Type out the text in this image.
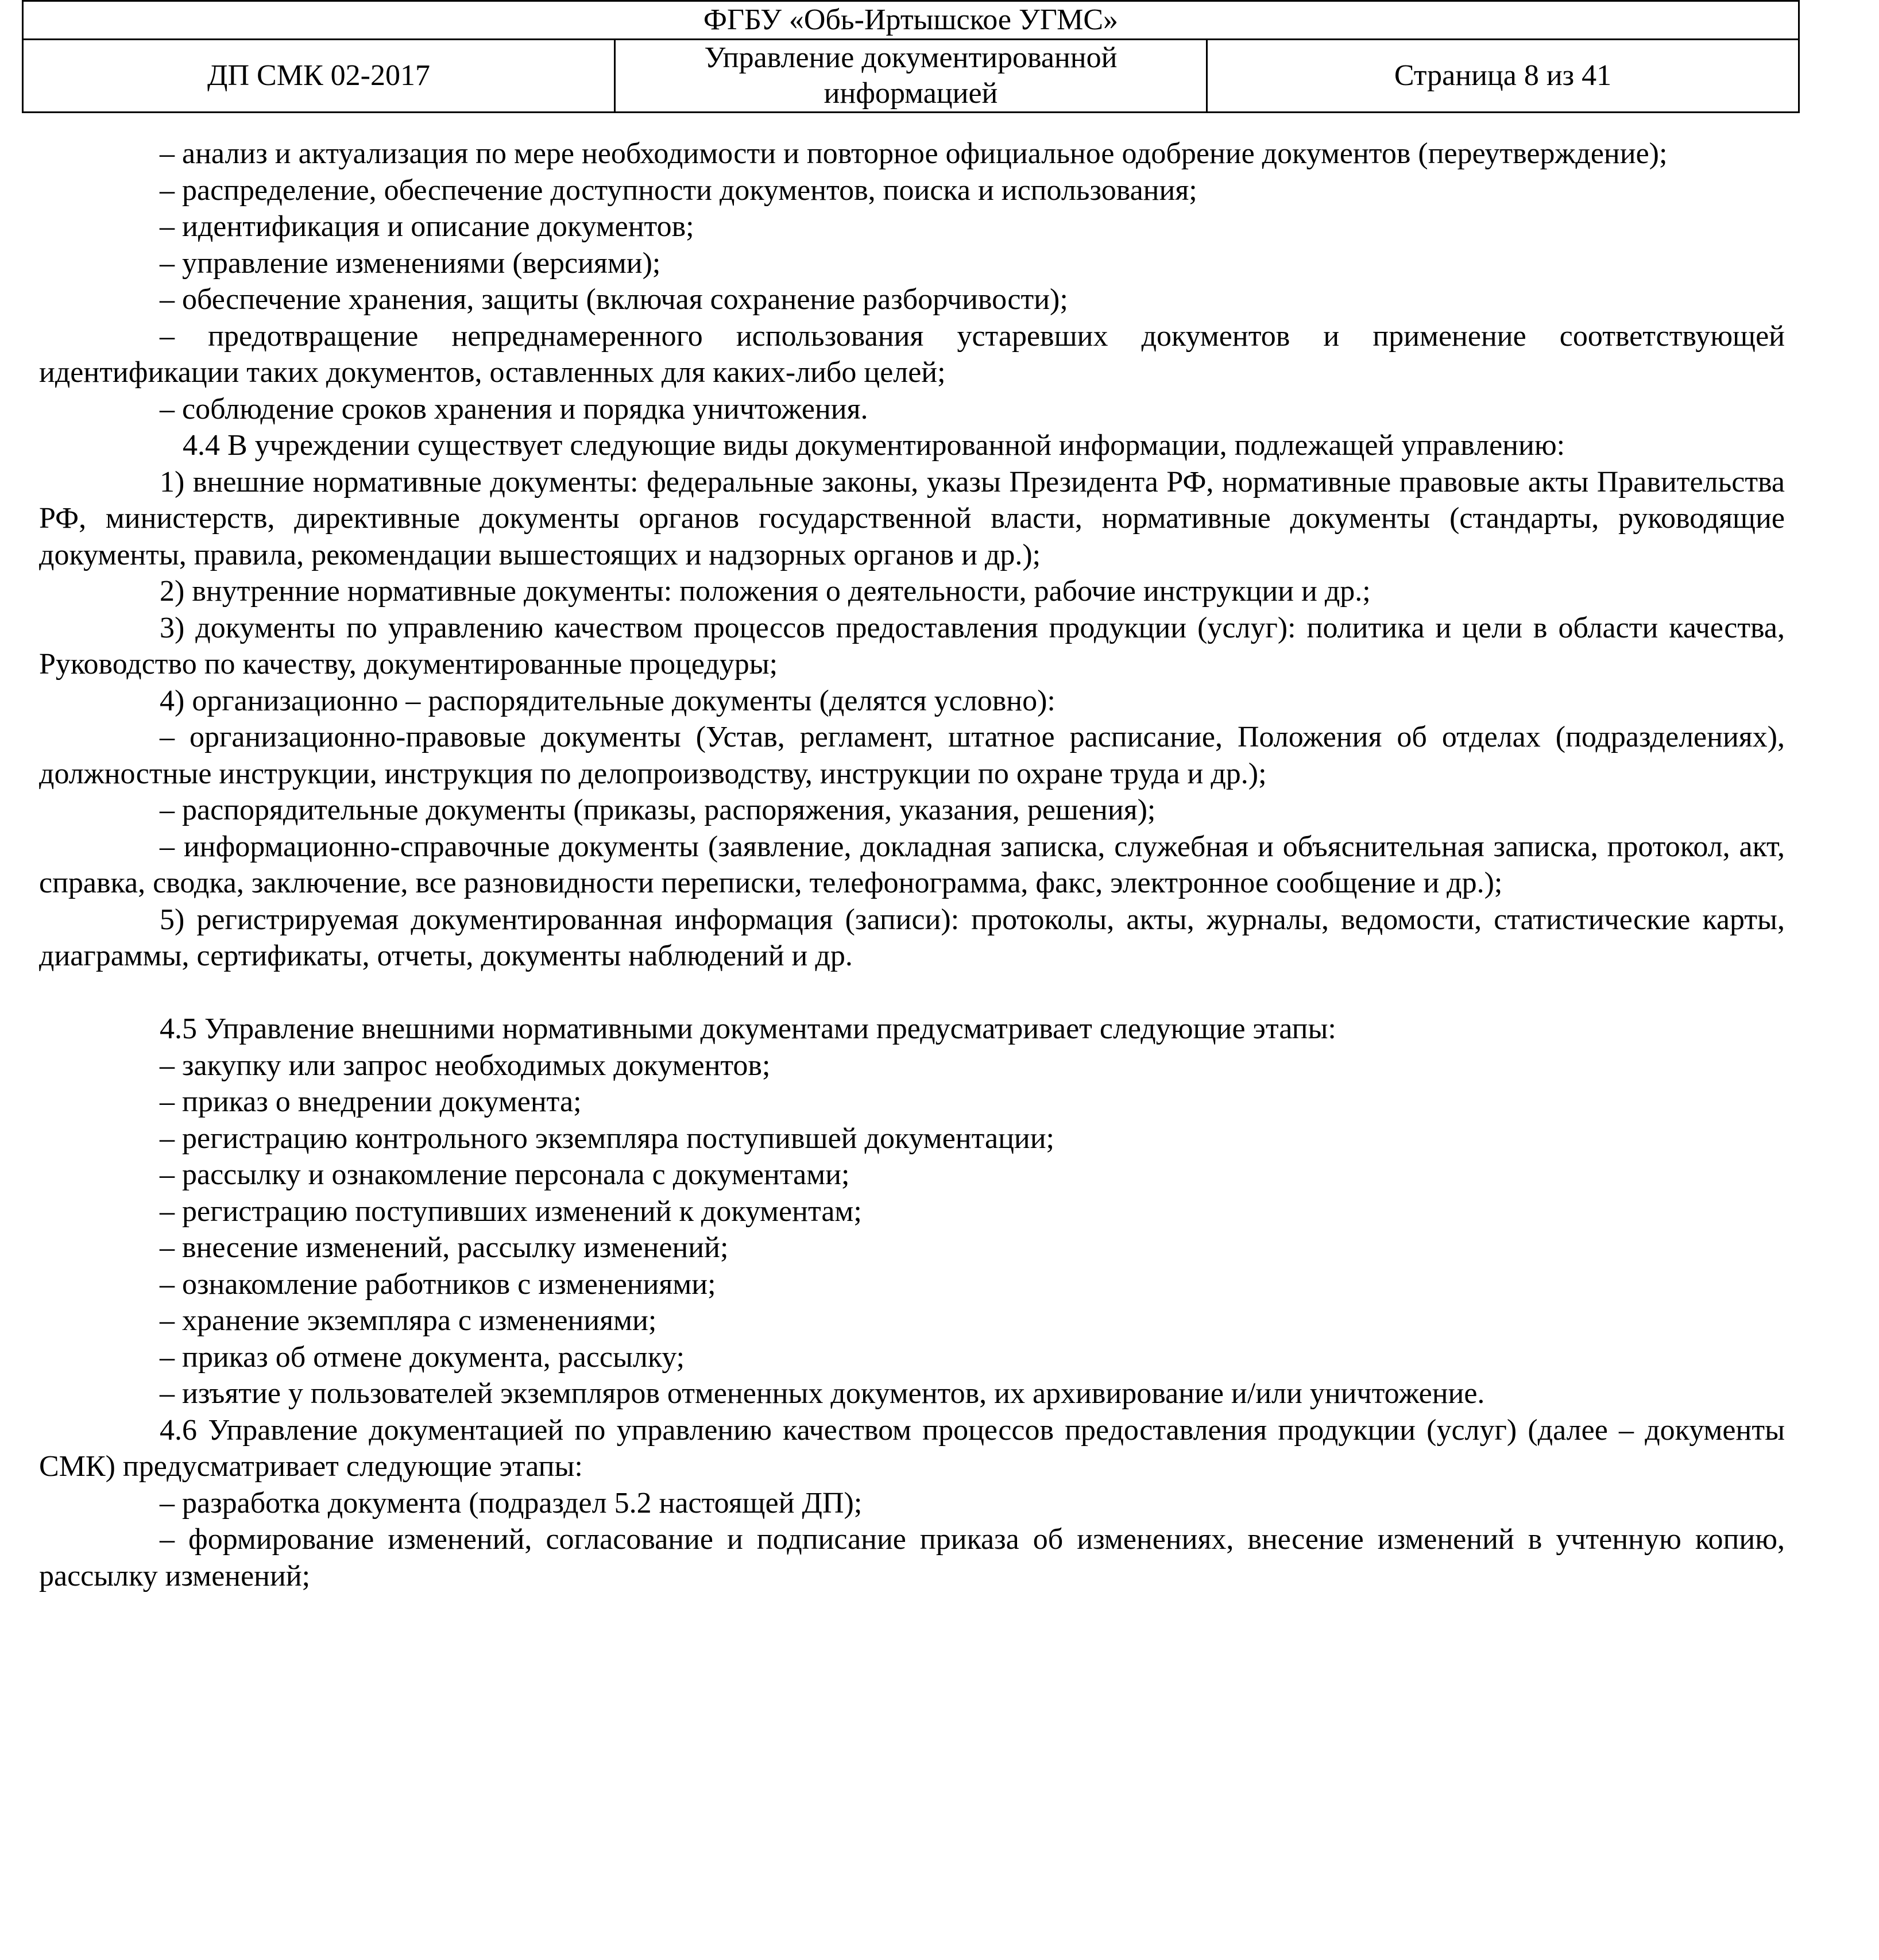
ФГБУ «Обь-Иртышское УГМС»
ДП СМК 02-2017	Управление документированной информацией	Страница 8 из 41

– анализ и актуализация по мере необходимости и повторное официальное одобрение документов (переутверждение);

– распределение, обеспечение доступности документов, поиска и использования;

– идентификация и описание документов;

– управление изменениями (версиями);

– обеспечение хранения, защиты (включая сохранение разборчивости);

– предотвращение непреднамеренного использования устаревших документов и применение соответствующей идентификации таких документов, оставленных для каких-либо целей;

– соблюдение сроков хранения и порядка уничтожения.

4.4 В учреждении существует следующие виды документированной информации, подлежащей управлению:

1) внешние нормативные документы: федеральные законы, указы Президента РФ, нормативные правовые акты Правительства РФ, министерств, директивные документы органов государственной власти, нормативные документы (стандарты, руководящие документы, правила, рекомендации вышестоящих и надзорных органов и др.);

2) внутренние нормативные документы: положения о деятельности, рабочие инструкции и др.;

3) документы по управлению качеством процессов предоставления продукции (услуг): политика и цели в области качества, Руководство по качеству, документированные процедуры;

4) организационно – распорядительные документы (делятся условно):

– организационно-правовые документы (Устав, регламент, штатное расписание, Положения об отделах (подразделениях), должностные инструкции, инструкция по делопроизводству, инструкции по охране труда и др.);

– распорядительные документы (приказы, распоряжения, указания, решения);

– информационно-справочные документы (заявление, докладная записка, служебная и объяснительная записка, протокол, акт, справка, сводка, заключение, все разновидности переписки, телефонограмма, факс, электронное сообщение и др.);

5) регистрируемая документированная информация (записи): протоколы, акты, журналы, ведомости, статистические карты, диаграммы, сертификаты, отчеты, документы наблюдений и др.

4.5 Управление внешними нормативными документами предусматривает следующие этапы:

– закупку или запрос необходимых документов;

– приказ о внедрении документа;

– регистрацию контрольного экземпляра поступившей документации;

– рассылку и ознакомление персонала с документами;

– регистрацию поступивших изменений к документам;

– внесение изменений, рассылку изменений;

– ознакомление работников с изменениями;

– хранение экземпляра с изменениями;

– приказ об отмене документа, рассылку;

– изъятие у пользователей экземпляров отмененных документов, их архивирование и/или уничтожение.

4.6 Управление документацией по управлению качеством процессов предоставления продукции (услуг) (далее – документы СМК) предусматривает следующие этапы:

– разработка документа (подраздел 5.2 настоящей ДП);

– формирование изменений, согласование и подписание приказа об изменениях, внесение изменений в учтенную копию, рассылку изменений;
